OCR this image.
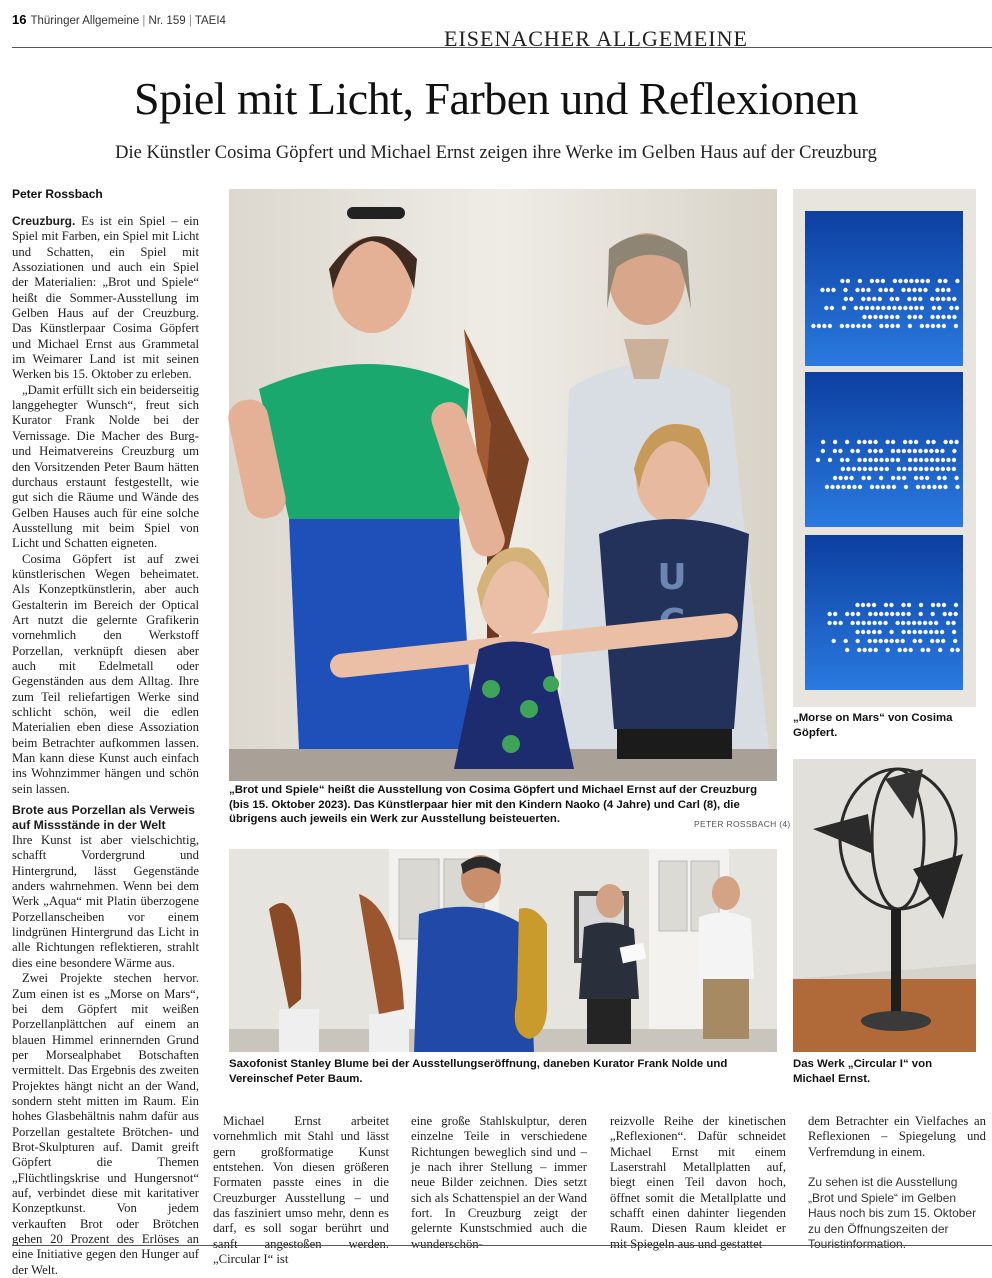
16 Thüringer Allgemeine | Nr. 159 | TAEI4
EISENACHER ALLGEMEINE
Spiel mit Licht, Farben und Reflexionen
Die Künstler Cosima Göpfert und Michael Ernst zeigen ihre Werke im Gelben Haus auf der Creuzburg
Peter Rossbach

Creuzburg. Es ist ein Spiel – ein Spiel mit Farben, ein Spiel mit Licht und Schatten, ein Spiel mit Assoziationen und auch ein Spiel der Materialien: „Brot und Spiele“ heißt die Sommer-Ausstellung im Gelben Haus auf der Creuzburg. Das Künstlerpaar Cosima Göpfert und Michael Ernst aus Grammetal im Weimarer Land ist mit seinen Werken bis 15. Oktober zu erleben.

„Damit erfüllt sich ein beiderseitig langgehegter Wunsch“, freut sich Kurator Frank Nolde bei der Vernissage. Die Macher des Burg- und Heimatvereins Creuzburg um den Vorsitzenden Peter Baum hätten durchaus erstaunt festgestellt, wie gut sich die Räume und Wände des Gelben Hauses auch für eine solche Ausstellung mit beim Spiel von Licht und Schatten eigneten.

Cosima Göpfert ist auf zwei künstlerischen Wegen beheimatet. Als Konzeptkünstlerin, aber auch Gestalterin im Bereich der Optical Art nutzt die gelernte Grafikerin vornehmlich den Werkstoff Porzellan, verknüpft diesen aber auch mit Edelmetall oder Gegenständen aus dem Alltag. Ihre zum Teil reliefartigen Werke sind schlicht schön, weil die edlen Materialien eben diese Assoziation beim Betrachter aufkommen lassen. Man kann diese Kunst auch einfach ins Wohnzimmer hängen und schön sein lassen.

Brote aus Porzellan als Verweis auf Missstände in der Welt

Ihre Kunst ist aber vielschichtig, schafft Vordergrund und Hintergrund, lässt Gegenstände anders wahrnehmen. Wenn bei dem Werk „Aqua“ mit Platin überzogene Porzellanscheiben vor einem lindgrünen Hintergrund das Licht in alle Richtungen reflektieren, strahlt dies eine besondere Wärme aus.

Zwei Projekte stechen hervor. Zum einen ist es „Morse on Mars“, bei dem Göpfert mit weißen Porzellanplättchen auf einem an blauen Himmel erinnernden Grund per Morsealphabet Botschaften vermittelt. Das Ergebnis des zweiten Projektes hängt nicht an der Wand, sondern steht mitten im Raum. Ein hohes Glasbehältnis nahm dafür aus Porzellan gestaltete Brötchen- und Brot-Skulpturen auf. Damit greift Göpfert die Themen „Flüchtlingskrise und Hungersnot“ auf, verbindet diese mit karitativer Konzeptkunst. Von jedem verkauften Brot oder Brötchen gehen 20 Prozent des Erlöses an eine Initiative gegen den Hunger auf der Welt.

U
„Brot und Spiele“ heißt die Ausstellung von Cosima Göpfert und Michael Ernst auf der Creuzburg (bis 15. Oktober 2023). Das Künstlerpaar hier mit den Kindern Naoko (4 Jahre) und Carl (8), die übrigens auch jeweils ein Werk zur Ausstellung beisteuerten.	PETER ROSSBACH (4)
„Morse on Mars“ von Cosima Göpfert.
Saxofonist Stanley Blume bei der Ausstellungseröffnung, daneben Kurator Frank Nolde und Vereinschef Peter Baum.
Das Werk „Circular I“ von Michael Ernst.

Michael Ernst arbeitet vornehmlich mit Stahl und lässt gern großformatige Kunst entstehen. Von diesen größeren Formaten passte eines in die Creuzburger Ausstellung – und das fasziniert umso mehr, denn es darf, es soll sogar berührt und sanft angestoßen werden. „Circular I“ ist

eine große Stahlskulptur, deren einzelne Teile in verschiedene Richtungen beweglich sind und – je nach ihrer Stellung – immer neue Bilder zeichnen. Dies setzt sich als Schattenspiel an der Wand fort. In Creuzburg zeigt der gelernte Kunstschmied auch die wunderschön-

reizvolle Reihe der kinetischen „Reflexionen“. Dafür schneidet Michael Ernst mit einem Laserstrahl Metallplatten auf, biegt einen Teil davon hoch, öffnet somit die Metallplatte und schafft einen dahinter liegenden Raum. Diesen Raum kleidet er mit Spiegeln aus und gestattet

dem Betrachter ein Vielfaches an Reflexionen – Spiegelung und Verfremdung in einem.

Zu sehen ist die Ausstellung „Brot und Spiele“ im Gelben Haus noch bis zum 15. Oktober zu den Öffnungszeiten der Touristinformation.
